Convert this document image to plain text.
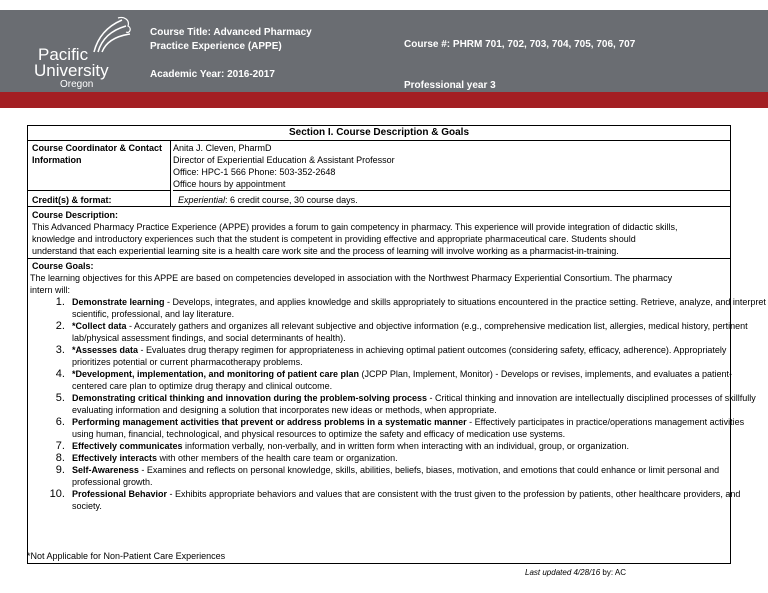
Pacific
University
Oregon
Course Title: Advanced Pharmacy
Practice Experience (APPE)
Academic Year: 2016-2017
Course #: PHRM 701, 702, 703, 704, 705, 706, 707
Professional year 3
Section I. Course Description & Goals
Course Coordinator & Contact
Information
Anita J. Cleven, PharmD
Director of Experiential Education & Assistant Professor
Office: HPC-1 566 Phone: 503-352-2648
Office hours by appointment
Credit(s) & format:	Experiential: 6 credit course, 30 course days.
Course Description:
This Advanced Pharmacy Practice Experience (APPE) provides a forum to gain competency in pharmacy. This experience will provide integration of didactic skills,
knowledge and introductory experiences such that the student is competent in providing effective and appropriate pharmaceutical care. Students should
understand that each experiential learning site is a health care work site and the process of learning will involve working as a pharmacist-in-training.
Course Goals:
The learning objectives for this APPE are based on competencies developed in association with the Northwest Pharmacy Experiential Consortium. The pharmacy
intern will:
1. Demonstrate learning - Develops, integrates, and applies knowledge and skills appropriately to situations encountered in the practice setting. Retrieve, analyze, and interpret scientific, professional, and lay literature.
2. *Collect data - Accurately gathers and organizes all relevant subjective and objective information (e.g., comprehensive medication list, allergies, medical history, pertinent lab/physical assessment findings, and social determinants of health).
3. *Assesses data - Evaluates drug therapy regimen for appropriateness in achieving optimal patient outcomes (considering safety, efficacy, adherence). Appropriately prioritizes potential or current pharmacotherapy problems.
4. *Development, implementation, and monitoring of patient care plan (JCPP Plan, Implement, Monitor) - Develops or revises, implements, and evaluates a patient-centered care plan to optimize drug therapy and clinical outcome.
5. Demonstrating critical thinking and innovation during the problem-solving process - Critical thinking and innovation are intellectually disciplined processes of skillfully evaluating information and designing a solution that incorporates new ideas or methods, when appropriate.
6. Performing management activities that prevent or address problems in a systematic manner - Effectively participates in practice/operations management activities using human, financial, technological, and physical resources to optimize the safety and efficacy of medication use systems.
7. Effectively communicates information verbally, non-verbally, and in written form when interacting with an individual, group, or organization.
8. Effectively interacts with other members of the health care team or organization.
9. Self-Awareness - Examines and reflects on personal knowledge, skills, abilities, beliefs, biases, motivation, and emotions that could enhance or limit personal and professional growth.
10. Professional Behavior - Exhibits appropriate behaviors and values that are consistent with the trust given to the profession by patients, other healthcare providers, and society.
*Not Applicable for Non-Patient Care Experiences
Last updated 4/28/16 by: AC
